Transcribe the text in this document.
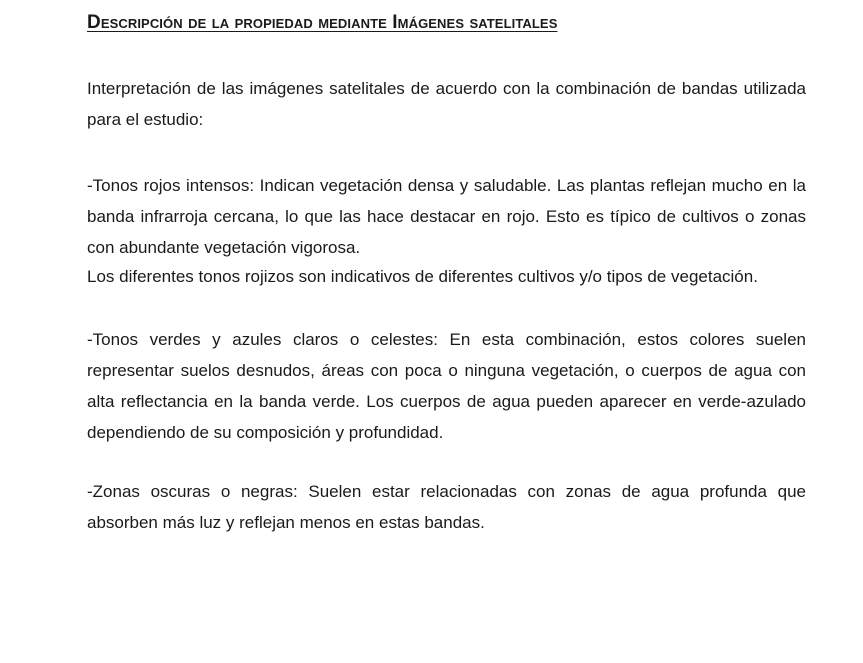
Descripción de la propiedad mediante Imágenes satelitales

Interpretación de las imágenes satelitales de acuerdo con la combinación de bandas utilizada para el estudio:

-Tonos rojos intensos: Indican vegetación densa y saludable. Las plantas reflejan mucho en la banda infrarroja cercana, lo que las hace destacar en rojo. Esto es típico de cultivos o zonas con abundante vegetación vigorosa.

Los diferentes tonos rojizos son indicativos de diferentes cultivos y/o tipos de vegetación.

-Tonos verdes y azules claros o celestes: En esta combinación, estos colores suelen representar suelos desnudos, áreas con poca o ninguna vegetación, o cuerpos de agua con alta reflectancia en la banda verde. Los cuerpos de agua pueden aparecer en verde-azulado dependiendo de su composición y profundidad.

-Zonas oscuras o negras: Suelen estar relacionadas con zonas de agua profunda que absorben más luz y reflejan menos en estas bandas.
